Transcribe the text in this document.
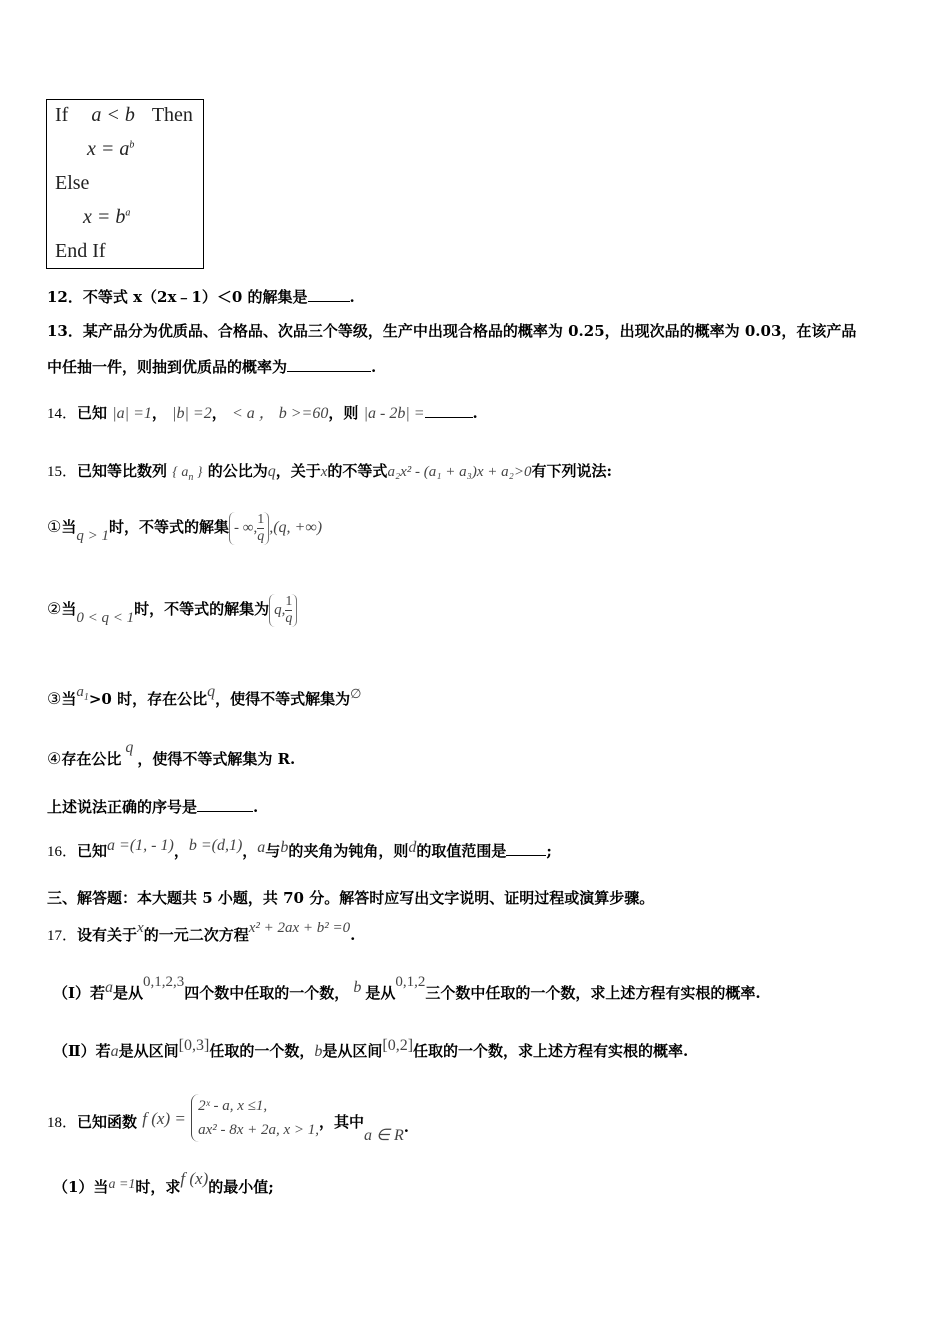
If a < b Then
$x = a^b$
Else
$x = b^a$
End If
12．不等式 x（2x﹣1）＜0 的解集是	.
13．某产品分为优质品、合格品、次品三个等级，生产中出现合格品的概率为 0.25，出现次品的概率为 0.03，在该产品
中任抽一件，则抽到优质品的概率为	.
14．已知 |a| =1， |b| =2， < a ， b >=60，则 |a - 2b| =	.
15．已知等比数列 { $a_n$ } 的公比为q，关于x的不等式a₂x² - (a₁ + a₃)x + a₂>0有下列说法:
①当q > 1时，不等式的解集 - ∞, $\frac{1}{q} ,(q$, +∞)
②当0 < q < 1时，不等式的解集为 q, $\frac{1}{q}$
③当$a_1>0$ 时，存在公比q，使得不等式解集为∅
④存在公比q，使得不等式解集为 R.
上述说法正确的序号是	.
16．已知a =(1, - 1)，b =(d,1)，a与b的夹角为钝角，则d的取值范围是	;
三、解答题：本大题共 5 小题，共 70 分。解答时应写出文字说明、证明过程或演算步骤。
17．设有关于x的一元二次方程x² + 2ax + b² =0.
（Ⅰ）若a是从0,1,2,3四个数中任取的一个数， b 是从0,1,2三个数中任取的一个数，求上述方程有实根的概率.
（Ⅱ）若a是从区间[0,3]任取的一个数，b是从区间[0,2]任取的一个数，求上述方程有实根的概率.
18．已知函数 f (x) =
2ˣ - a, x ≤1,
ax² - 8x + 2a, x > 1, ，其中a ∈ R.
（1）当a =1时，求f (x)的最小值;
